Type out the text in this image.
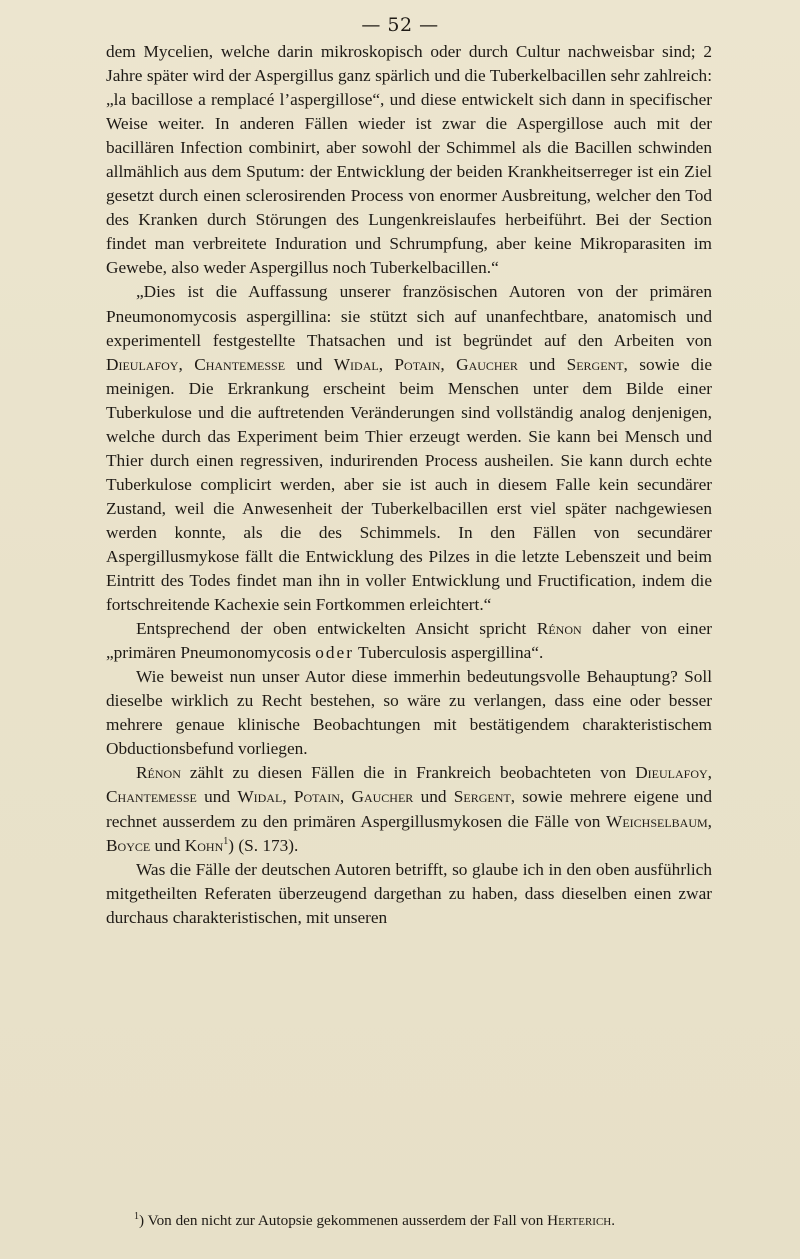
— 52 —

dem Mycelien, welche darin mikroskopisch oder durch Cultur nachweisbar sind; 2 Jahre später wird der Aspergillus ganz spärlich und die Tuberkelbacillen sehr zahlreich: „la bacillose a remplacé l’aspergillose“, und diese entwickelt sich dann in specifischer Weise weiter. In anderen Fällen wieder ist zwar die Aspergillose auch mit der bacillären Infection combinirt, aber sowohl der Schimmel als die Bacillen schwinden allmählich aus dem Sputum: der Entwicklung der beiden Krankheitserreger ist ein Ziel gesetzt durch einen sclerosirenden Process von enormer Ausbreitung, welcher den Tod des Kranken durch Störungen des Lungenkreislaufes herbeiführt. Bei der Section findet man verbreitete Induration und Schrumpfung, aber keine Mikroparasiten im Gewebe, also weder Aspergillus noch Tuberkelbacillen.“

„Dies ist die Auffassung unserer französischen Autoren von der primären Pneumonomycosis aspergillina: sie stützt sich auf unanfechtbare, anatomisch und experimentell festgestellte Thatsachen und ist begründet auf den Arbeiten von Dieulafoy, Chantemesse und Widal, Potain, Gaucher und Sergent, sowie die meinigen. Die Erkrankung erscheint beim Menschen unter dem Bilde einer Tuberkulose und die auftretenden Veränderungen sind vollständig analog denjenigen, welche durch das Experiment beim Thier erzeugt werden. Sie kann bei Mensch und Thier durch einen regressiven, indurirenden Process ausheilen. Sie kann durch echte Tuberkulose complicirt werden, aber sie ist auch in diesem Falle kein secundärer Zustand, weil die Anwesenheit der Tuberkelbacillen erst viel später nachgewiesen werden konnte, als die des Schimmels. In den Fällen von secundärer Aspergillusmykose fällt die Entwicklung des Pilzes in die letzte Lebenszeit und beim Eintritt des Todes findet man ihn in voller Entwicklung und Fructification, indem die fortschreitende Kachexie sein Fortkommen erleichtert.“

Entsprechend der oben entwickelten Ansicht spricht Rénon daher von einer „primären Pneumonomycosis oder Tuberculosis aspergillina“.

Wie beweist nun unser Autor diese immerhin bedeutungsvolle Behauptung? Soll dieselbe wirklich zu Recht bestehen, so wäre zu verlangen, dass eine oder besser mehrere genaue klinische Beobachtungen mit bestätigendem charakteristischem Obductionsbefund vorliegen.

Rénon zählt zu diesen Fällen die in Frankreich beobachteten von Dieulafoy, Chantemesse und Widal, Potain, Gaucher und Sergent, sowie mehrere eigene und rechnet ausserdem zu den primären Aspergillusmykosen die Fälle von Weichselbaum, Boyce und Kohn$^1$) (S. 173).

Was die Fälle der deutschen Autoren betrifft, so glaube ich in den oben ausführlich mitgetheilten Referaten überzeugend dargethan zu haben, dass dieselben einen zwar durchaus charakteristischen, mit unseren

$^1$) Von den nicht zur Autopsie gekommenen ausserdem der Fall von Herterich.
